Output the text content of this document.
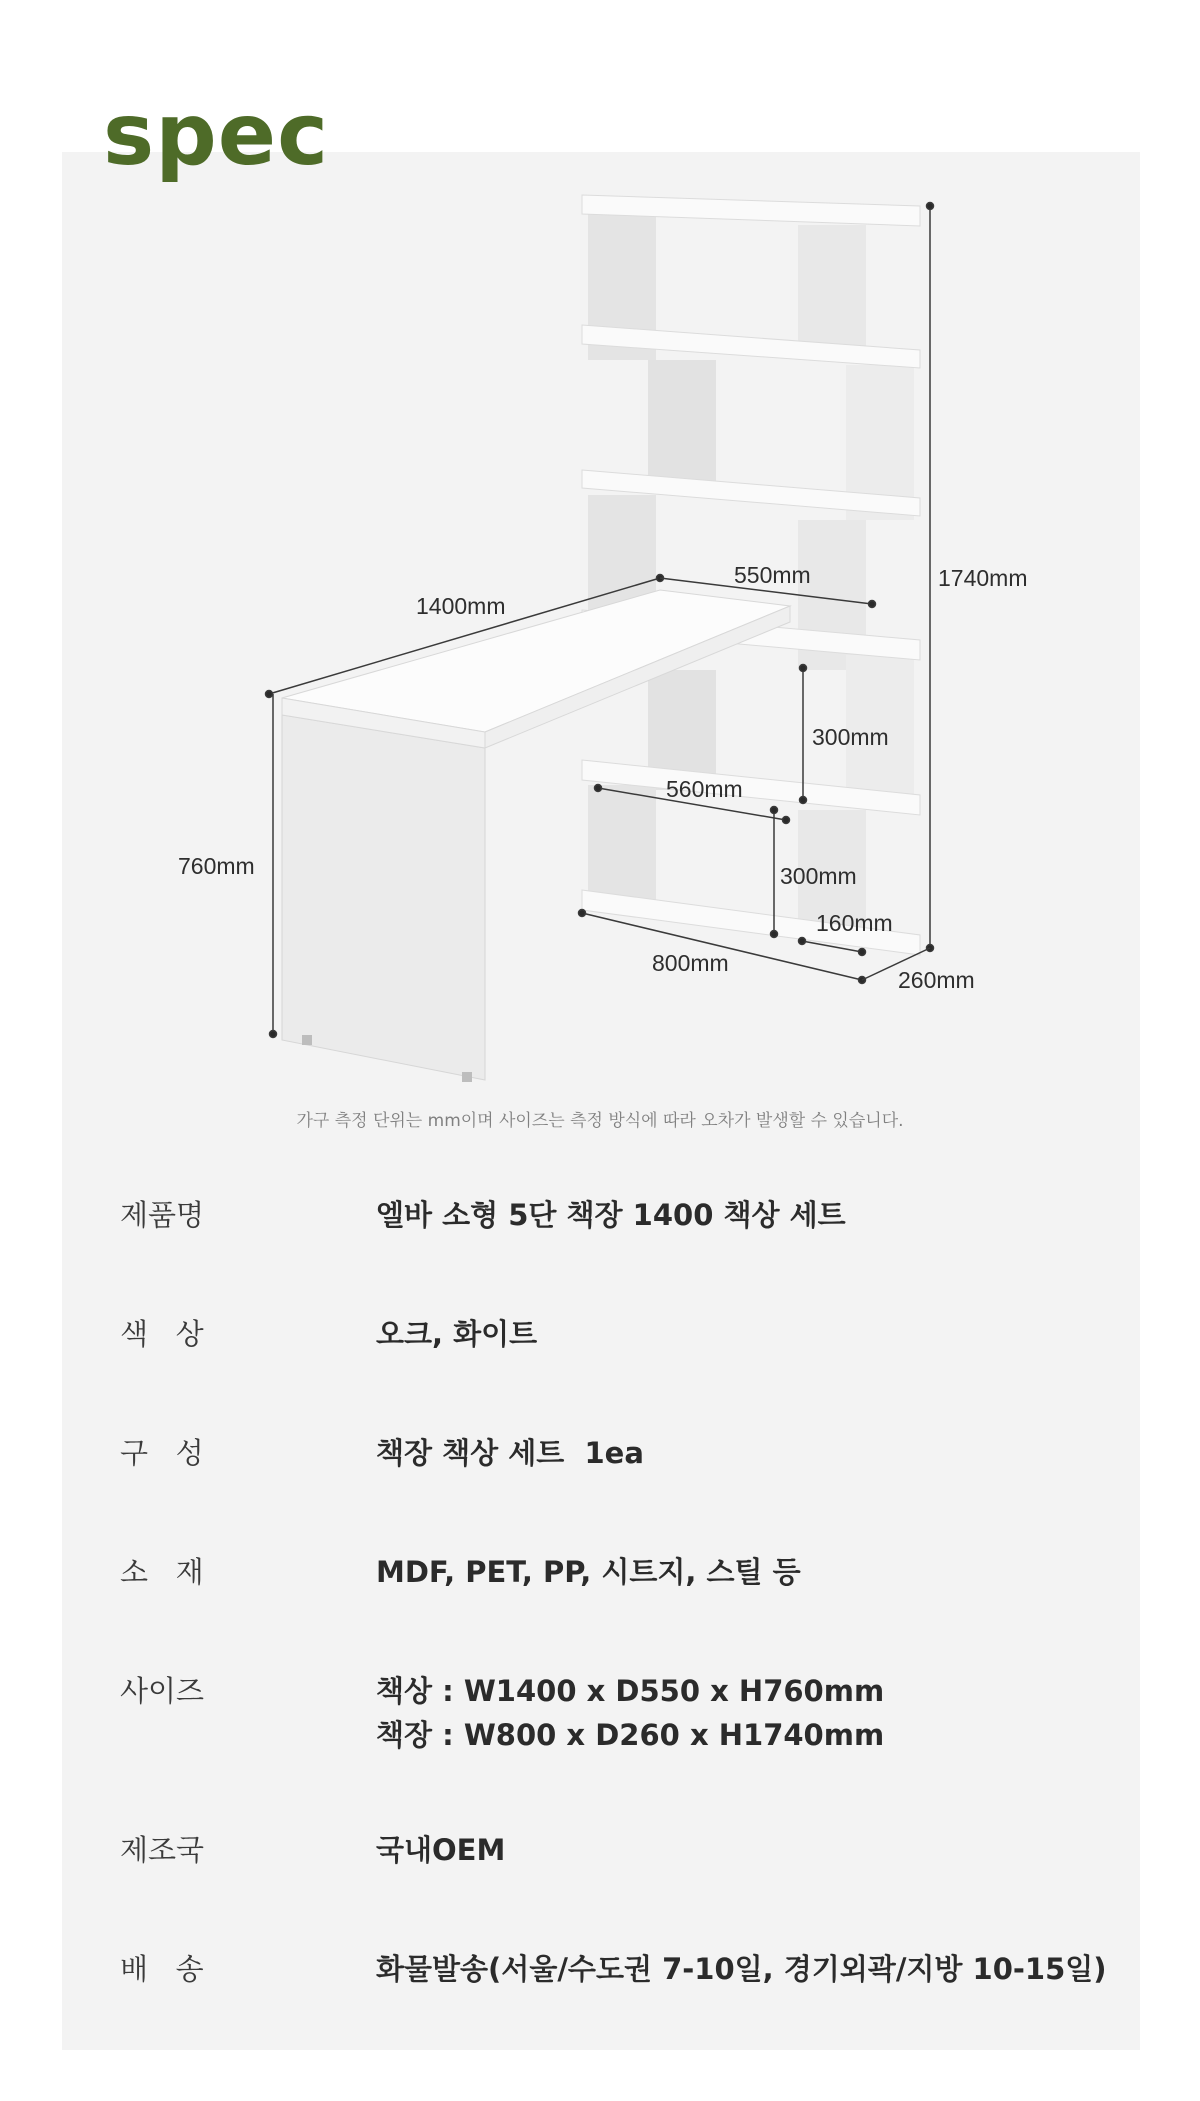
spec
1740mm
1400mm
550mm
760mm
300mm
560mm
300mm
160mm
800mm
260mm
가구 측정 단위는 mm이며 사이즈는 측정 방식에 따라 오차가 발생할 수 있습니다.
제품명	엘바 소형 5단 책장 1400 책상 세트
색   상	오크, 화이트
구   성	책장 책상 세트  1ea
소   재	MDF, PET, PP, 시트지, 스틸 등
사이즈	책상 : W1400 x D550 x H760mm
책장 : W800 x D260 x H1740mm
제조국	국내OEM
배   송	화물발송(서울/수도권 7-10일, 경기외곽/지방 10-15일)
